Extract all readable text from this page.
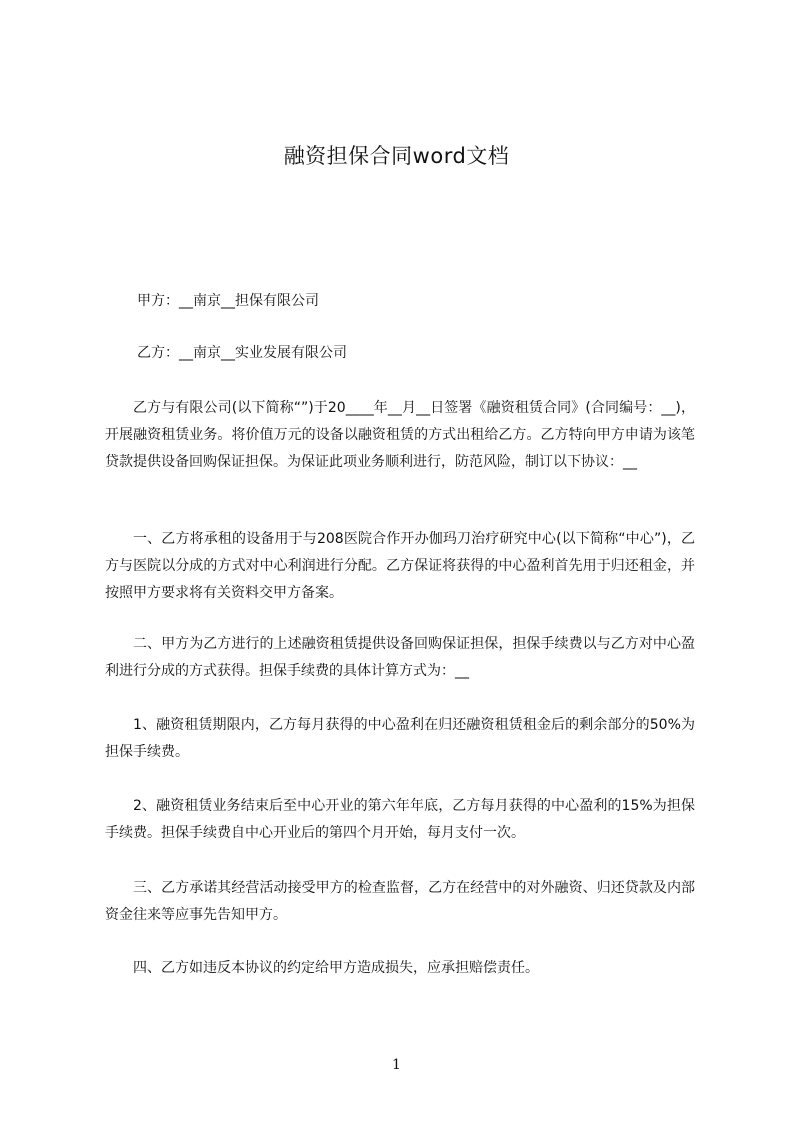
融资担保合同word文档

甲方：__南京__担保有限公司

乙方：__南京__实业发展有限公司

乙方与有限公司(以下简称“”)于20____年__月__日签署《融资租赁合同》(合同编号：__)，开展融资租赁业务。将价值万元的设备以融资租赁的方式出租给乙方。乙方特向甲方申请为该笔贷款提供设备回购保证担保。为保证此项业务顺利进行，防范风险，制订以下协议：__

一、乙方将承租的设备用于与208医院合作开办伽玛刀治疗研究中心(以下简称“中心”)，乙方与医院以分成的方式对中心利润进行分配。乙方保证将获得的中心盈利首先用于归还租金，并按照甲方要求将有关资料交甲方备案。

二、甲方为乙方进行的上述融资租赁提供设备回购保证担保，担保手续费以与乙方对中心盈利进行分成的方式获得。担保手续费的具体计算方式为：__

1、融资租赁期限内，乙方每月获得的中心盈利在归还融资租赁租金后的剩余部分的50%为担保手续费。

2、融资租赁业务结束后至中心开业的第六年年底，乙方每月获得的中心盈利的15%为担保手续费。担保手续费自中心开业后的第四个月开始，每月支付一次。

三、乙方承诺其经营活动接受甲方的检查监督，乙方在经营中的对外融资、归还贷款及内部资金往来等应事先告知甲方。

四、乙方如违反本协议的约定给甲方造成损失，应承担赔偿责任。

1
